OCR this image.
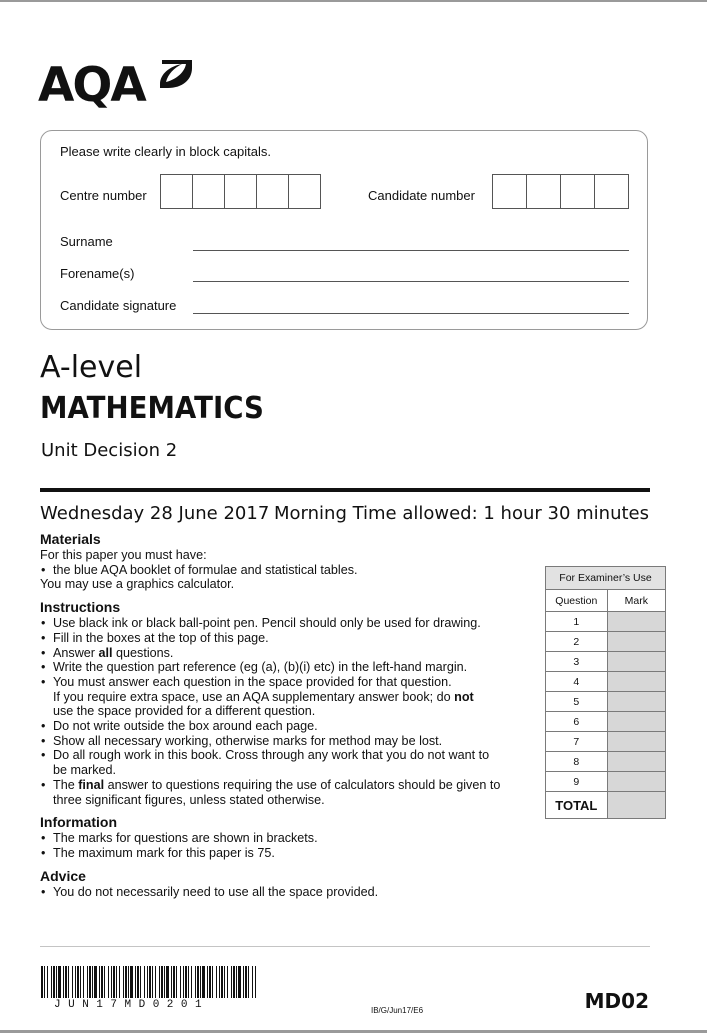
AQA
Please write clearly in block capitals.
Centre number	Candidate number
Surname
Forename(s)
Candidate signature
A-level
MATHEMATICS
Unit Decision 2
Wednesday 28 June 2017 Morning Time allowed: 1 hour 30 minutes
Materials
For this paper you must have:
• the blue AQA booklet of formulae and statistical tables.
You may use a graphics calculator.
Instructions
• Use black ink or black ball-point pen. Pencil should only be used for drawing.
• Fill in the boxes at the top of this page.
• Answer all questions.
• Write the question part reference (eg (a), (b)(i) etc) in the left-hand margin.
• You must answer each question in the space provided for that question.
If you require extra space, use an AQA supplementary answer book; do not
use the space provided for a different question.
• Do not write outside the box around each page.
• Show all necessary working, otherwise marks for method may be lost.
• Do all rough work in this book. Cross through any work that you do not want to
be marked.
• The final answer to questions requiring the use of calculators should be given to
three significant figures, unless stated otherwise.
Information
• The marks for questions are shown in brackets.
• The maximum mark for this paper is 75.
Advice
• You do not necessarily need to use all the space provided.
For Examiner’s Use	
Question	Mark
1	
2	
3	
4	
5	
6	
7	
8	
9	
TOTAL	
JUN17MD0201	IB/G/Jun17/E6	MD02
